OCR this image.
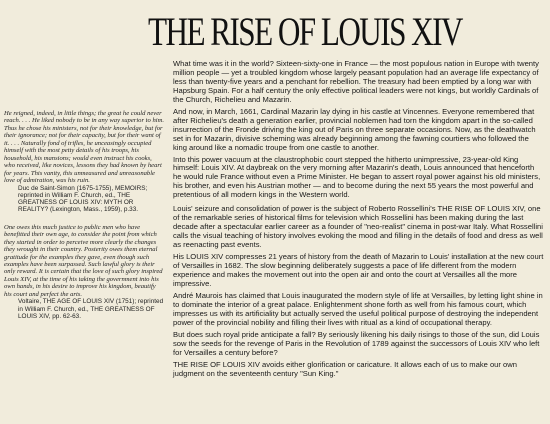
THE RISE OF LOUIS XIV

He reigned, indeed, in little things; the great he could never reach. . . . He liked nobody to be in any way superior to him. Thus he chose his ministers, not for their knowledge, but for their ignorance; not for their capacity, but for their want of it. . . . Naturally fond of trifles, he unceasingly occupied himself with the most petty details of his troops, his household, his mansions; would even instruct his cooks, who received, like novices, lessons they had known by heart for years. This vanity, this unmeasured and unreasonable love of admiration, was his ruin.

Duc de Saint-Simon (1675-1755), MEMOIRS; reprinted in William F. Church, ed., THE GREATNESS OF LOUIS XIV: MYTH OR REALITY? (Lexington, Mass., 1959), p.33.

One owes this much justice to public men who have benefitted their own age, to consider the point from which they started in order to perceive more clearly the changes they wrought in their country. Posterity owes them eternal gratitude for the examples they gave, even though such examples have been surpassed. Such lawful glory is their only reward. It is certain that the love of such glory inspired Louis XIV, at the time of his taking the government into his own hands, in his desire to improve his kingdom, beautify his court and perfect the arts.

Voltaire, THE AGE OF LOUIS XIV (1751); reprinted in William F. Church, ed., THE GREATNESS OF LOUIS XIV, pp. 62-63.

What time was it in the world? Sixteen-sixty-one in France — the most populous nation in Europe with twenty million people — yet a troubled kingdom whose largely peasant population had an average life expectancy of less than twenty-five years and a penchant for rebellion. The treasury had been emptied by a long war with Hapsburg Spain. For a half century the only effective political leaders were not kings, but worldly Cardinals of the Church, Richelieu and Mazarin.

And now, in March, 1661, Cardinal Mazarin lay dying in his castle at Vincennes. Everyone remembered that after Richelieu's death a generation earlier, provincial noblemen had torn the kingdom apart in the so-called insurrection of the Fronde driving the king out of Paris on three separate occasions. Now, as the deathwatch set in for Mazarin, divisive scheming was already beginning among the fawning courtiers who followed the king around like a nomadic troupe from one castle to another.

Into this power vacuum at the claustrophobic court stepped the hitherto unimpressive, 23-year-old King himself: Louis XIV. At daybreak on the very morning after Mazarin's death, Louis announced that henceforth he would rule France without even a Prime Minister. He began to assert royal power against his old ministers, his brother, and even his Austrian mother — and to become during the next 55 years the most powerful and pretentious of all modern kings in the Western world.

Louis' seizure and consolidation of power is the subject of Roberto Rossellini's THE RISE OF LOUIS XIV, one of the remarkable series of historical films for television which Rossellini has been making during the last decade after a spectacular earlier career as a founder of "neo-realist" cinema in post-war Italy. What Rossellini calls the visual teaching of history involves evoking the mood and filling in the details of food and dress as well as reenacting past events.

His LOUIS XIV compresses 21 years of history from the death of Mazarin to Louis' installation at the new court of Versailles in 1682. The slow beginning deliberately suggests a pace of life different from the modern experience and makes the movement out into the open air and onto the court at Versailles all the more impressive.

André Maurois has claimed that Louis inaugurated the modern style of life at Versailles, by letting light shine in to dominate the interior of a great palace. Enlightenment shone forth as well from his famous court, which impresses us with its artificiality but actually served the useful political purpose of destroying the independent power of the provincial nobility and filling their lives with ritual as a kind of occupational therapy.

But does such royal pride anticipate a fall? By seriously likening his daily risings to those of the sun, did Louis sow the seeds for the revenge of Paris in the Revolution of 1789 against the successors of Louis XIV who left for Versailles a century before?

THE RISE OF LOUIS XIV avoids either glorification or caricature. It allows each of us to make our own judgment on the seventeenth century "Sun King."
